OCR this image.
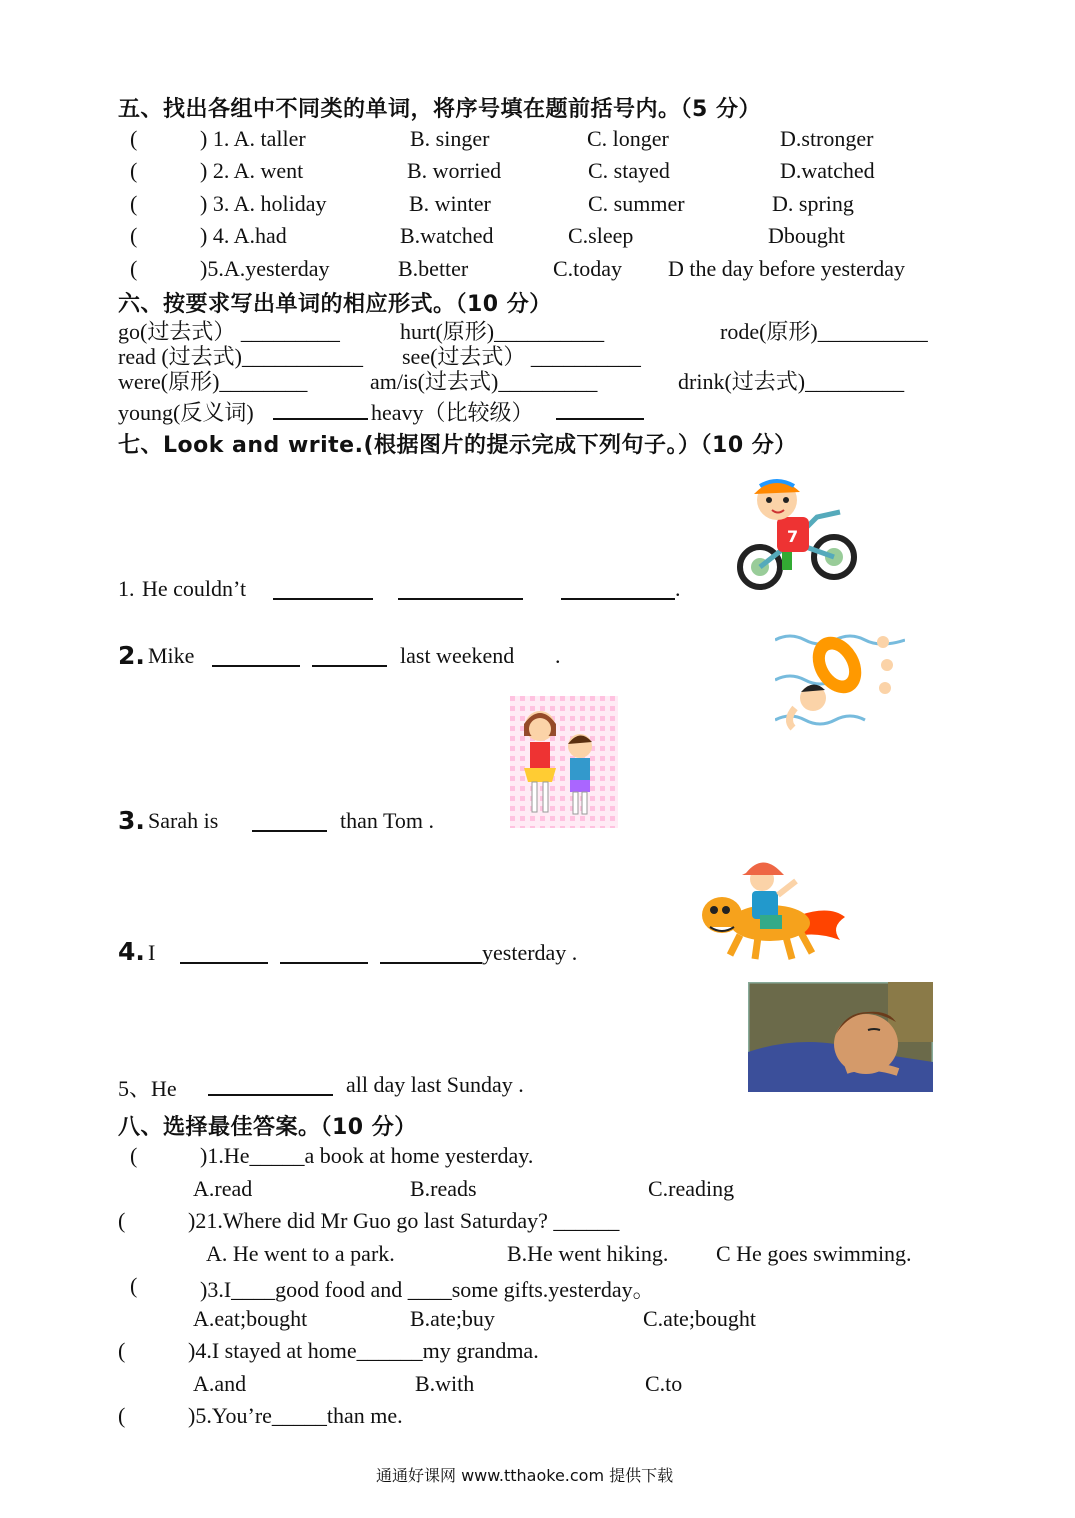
五、找出各组中不同类的单词，将序号填在题前括号内。（5 分）
(	) 1. A. taller	B. singer	C. longer	D.stronger
(	) 2. A. went	B. worried	C. stayed	D.watched
(	) 3. A. holiday	B. winter	C. summer	D. spring
(	) 4. A.had	B.watched	C.sleep	Dbought
(	)5.A.yesterday	B.better	C.today D the day before yesterday
六、按要求写出单词的相应形式。（10 分）
go(过去式） _________	hurt(原形)__________	rode(原形)__________
read (过去式)___________ see(过去式） __________
were(原形)________	am/is(过去式)_________	drink(过去式)_________
young(反义词)	heavy（比较级）
七、Look and write.(根据图片的提示完成下列句子。）（10 分）
7
1. He couldn’t	.
2. Mike	last weekend .
3. Sarah is	than Tom .
4. I	yesterday .
5、He	all day last Sunday .
八、选择最佳答案。（10 分）
(	)1.He_____a book at home yesterday.
A.read	B.reads	C.reading
(	)21.Where did Mr Guo go last Saturday? ______
A. He went to a park.	B.He went hiking. C He goes swimming.
(	)3.I____good food and ____some gifts.yesterday。
A.eat;bought	B.ate;buy	C.ate;bought
(	)4.I stayed at home______my grandma.
A.and	B.with	C.to
(	)5.You’re_____than me.
通通好课网 www.tthaoke.com 提供下载
